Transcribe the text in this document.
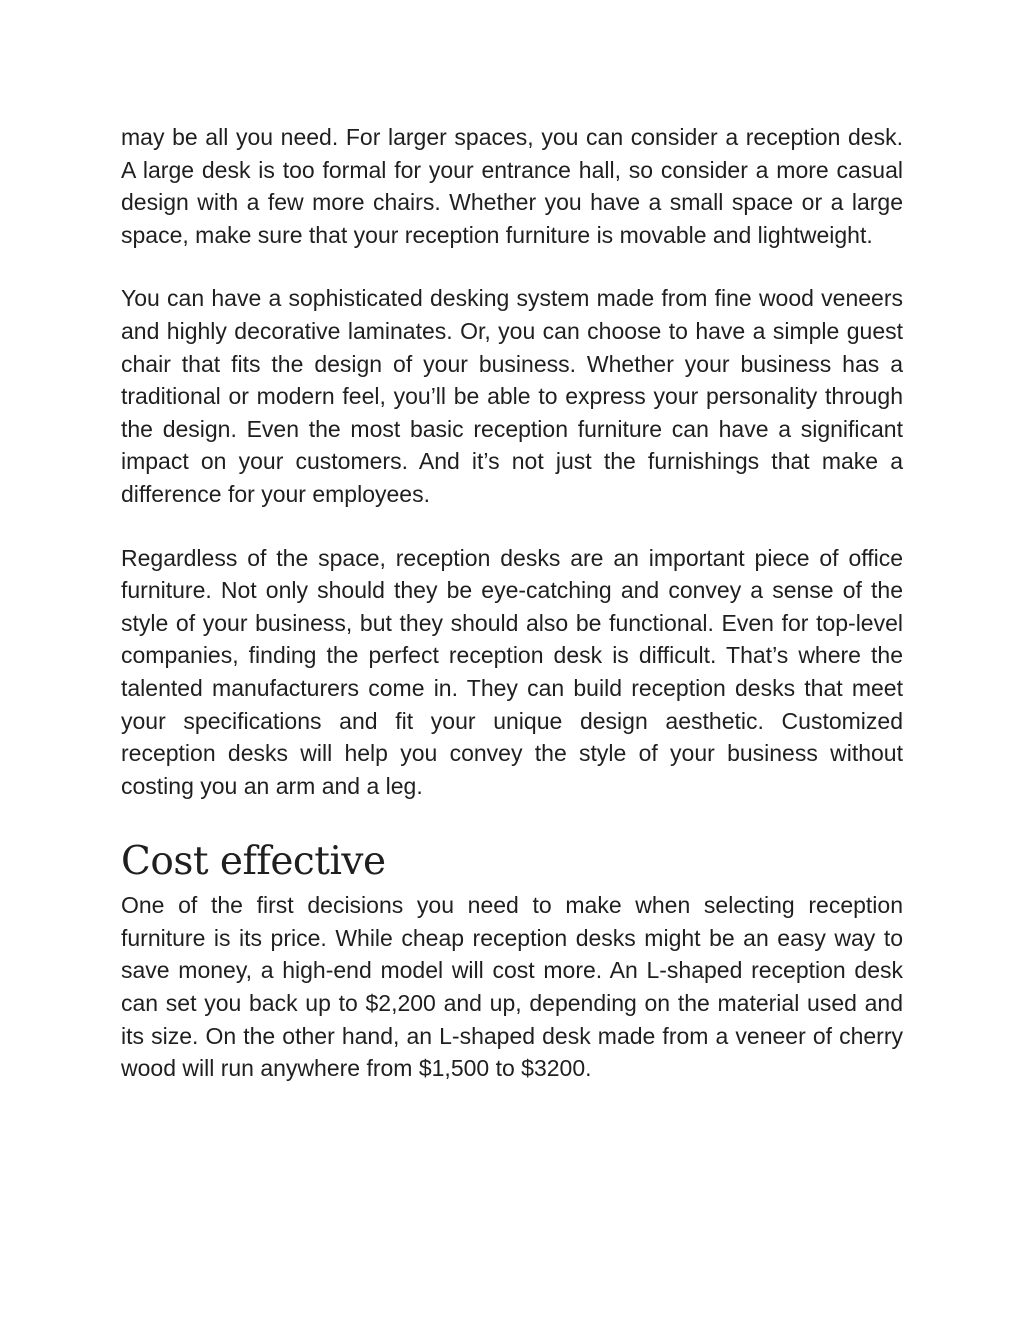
may be all you need. For larger spaces, you can consider a reception desk. A large desk is too formal for your entrance hall, so consider a more casual design with a few more chairs. Whether you have a small space or a large space, make sure that your reception furniture is movable and lightweight.

You can have a sophisticated desking system made from fine wood veneers and highly decorative laminates. Or, you can choose to have a simple guest chair that fits the design of your business. Whether your business has a traditional or modern feel, you’ll be able to express your personality through the design. Even the most basic reception furniture can have a significant impact on your customers. And it’s not just the furnishings that make a difference for your employees.

Regardless of the space, reception desks are an important piece of office furniture. Not only should they be eye-catching and convey a sense of the style of your business, but they should also be functional. Even for top-level companies, finding the perfect reception desk is difficult. That’s where the talented manufacturers come in. They can build reception desks that meet your specifications and fit your unique design aesthetic. Customized reception desks will help you convey the style of your business without costing you an arm and a leg.

Cost effective

One of the first decisions you need to make when selecting reception furniture is its price. While cheap reception desks might be an easy way to save money, a high-end model will cost more. An L-shaped reception desk can set you back up to $2,200 and up, depending on the material used and its size. On the other hand, an L-shaped desk made from a veneer of cherry wood will run anywhere from $1,500 to $3200.
